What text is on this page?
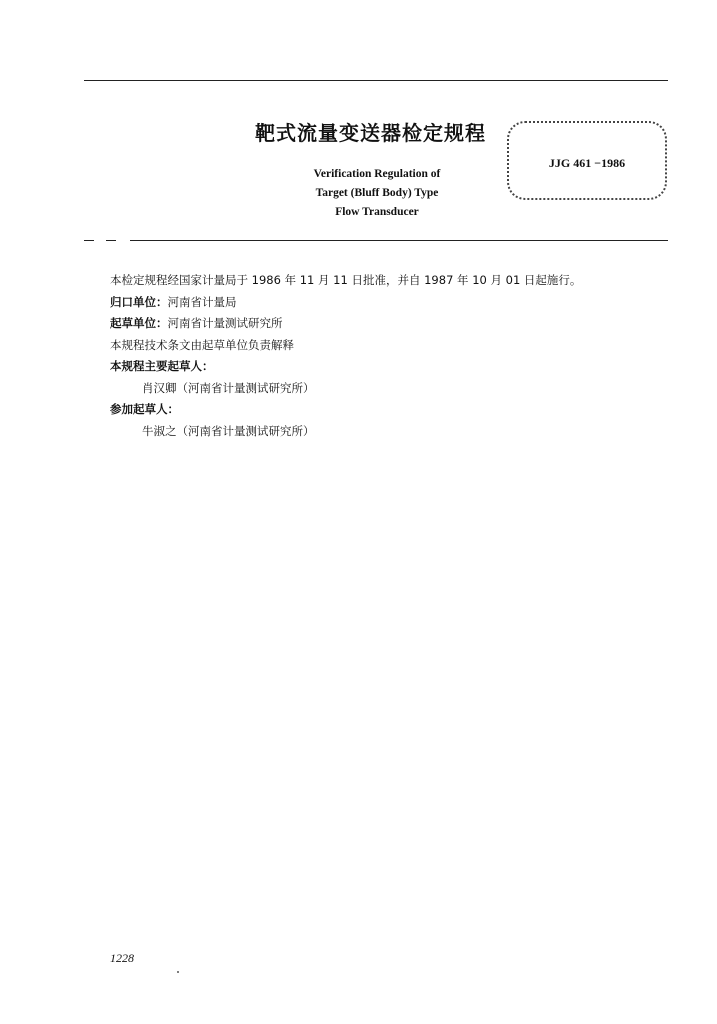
靶式流量变送器检定规程
Verification Regulation of
Target (Bluff Body) Type
Flow Transducer
JJG 461 −1986
本检定规程经国家计量局于 1986 年 11 月 11 日批准，并自 1987 年 10 月 01 日起施行。
归口单位：河南省计量局
起草单位：河南省计量测试研究所
本规程技术条文由起草单位负责解释
本规程主要起草人：
肖汉卿（河南省计量测试研究所）
参加起草人：
牛淑之（河南省计量测试研究所）
1228
